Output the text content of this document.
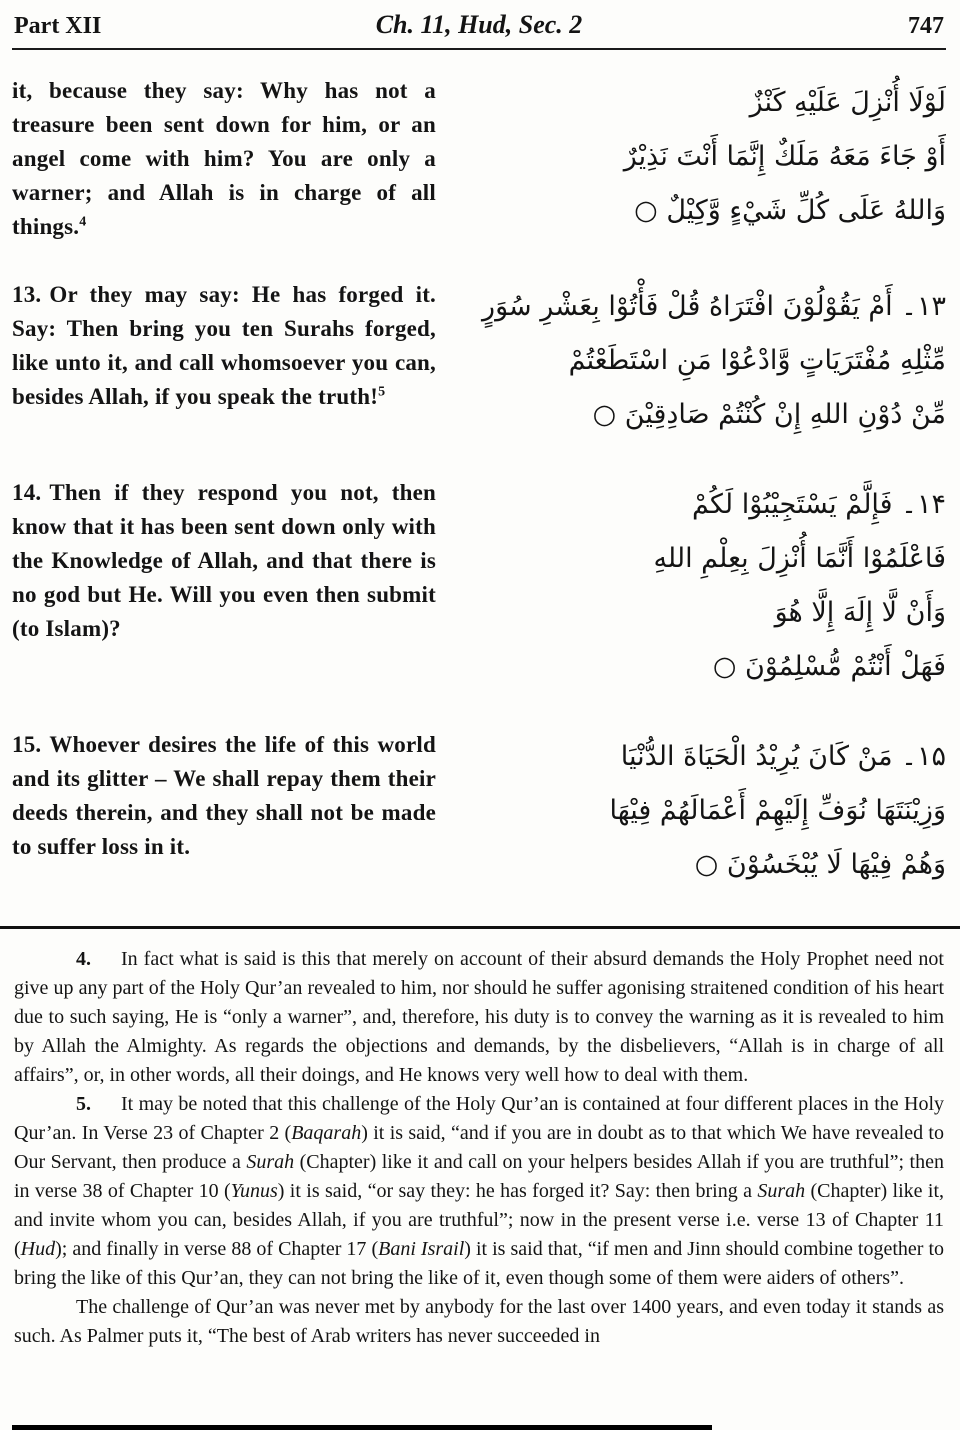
Part XII	Ch. 11, Hud, Sec. 2	747
it, because they say: Why has not a treasure been sent down for him, or an angel come with him? You are only a warner; and Allah is in charge of all things.$^4$
لَوْلَا أُنْزِلَ عَلَيْهِ كَنْزٌ
أَوْ جَاءَ مَعَهُ مَلَكٌ إِنَّمَا أَنْتَ نَذِيْرٌ
وَاللهُ عَلَى كُلِّ شَيْءٍ وَّكِيْلٌ ○
13. Or they may say: He has forged it. Say: Then bring you ten Surahs forged, like unto it, and call whomsoever you can, besides Allah, if you speak the truth!$^5$
۱۳۔ أَمْ يَقُوْلُوْنَ افْتَرَاهُ قُلْ فَأْتُوْا بِعَشْرِ سُوَرٍ
مِّثْلِهِ مُفْتَرَيَاتٍ وَّادْعُوْا مَنِ اسْتَطَعْتُمْ
مِّنْ دُوْنِ اللهِ إِنْ كُنْتُمْ صَادِقِيْنَ ○
14. Then if they respond you not, then know that it has been sent down only with the Knowledge of Allah, and that there is no god but He. Will you even then submit (to Islam)?
۱۴۔ فَإِلَّمْ يَسْتَجِيْبُوْا لَكُمْ
فَاعْلَمُوْا أَنَّمَا أُنْزِلَ بِعِلْمِ اللهِ
وَأَنْ لَّا إِلَهَ إِلَّا هُوَ
فَهَلْ أَنْتُمْ مُّسْلِمُوْنَ ○
15. Whoever desires the life of this world and its glitter – We shall repay them their deeds therein, and they shall not be made to suffer loss in it.
۱۵۔ مَنْ كَانَ يُرِيْدُ الْحَيَاةَ الدُّنْيَا
وَزِيْنَتَهَا نُوَفِّ إِلَيْهِمْ أَعْمَالَهُمْ فِيْهَا
وَهُمْ فِيْهَا لَا يُبْخَسُوْنَ ○

4. In fact what is said is this that merely on account of their absurd demands the Holy Prophet need not give up any part of the Holy Qur’an revealed to him, nor should he suffer agonising straitened condition of his heart due to such saying, He is “only a warner”, and, therefore, his duty is to convey the warning as it is revealed to him by Allah the Almighty. As regards the objections and demands, by the disbelievers, “Allah is in charge of all affairs”, or, in other words, all their doings, and He knows very well how to deal with them.

5. It may be noted that this challenge of the Holy Qur’an is contained at four different places in the Holy Qur’an. In Verse 23 of Chapter 2 (Baqarah) it is said, “and if you are in doubt as to that which We have revealed to Our Servant, then produce a Surah (Chapter) like it and call on your helpers besides Allah if you are truthful”; then in verse 38 of Chapter 10 (Yunus) it is said, “or say they: he has forged it? Say: then bring a Surah (Chapter) like it, and invite whom you can, besides Allah, if you are truthful”; now in the present verse i.e. verse 13 of Chapter 11 (Hud); and finally in verse 88 of Chapter 17 (Bani Israil) it is said that, “if men and Jinn should combine together to bring the like of this Qur’an, they can not bring the like of it, even though some of them were aiders of others”.

The challenge of Qur’an was never met by anybody for the last over 1400 years, and even today it stands as such. As Palmer puts it, “The best of Arab writers has never succeeded in
